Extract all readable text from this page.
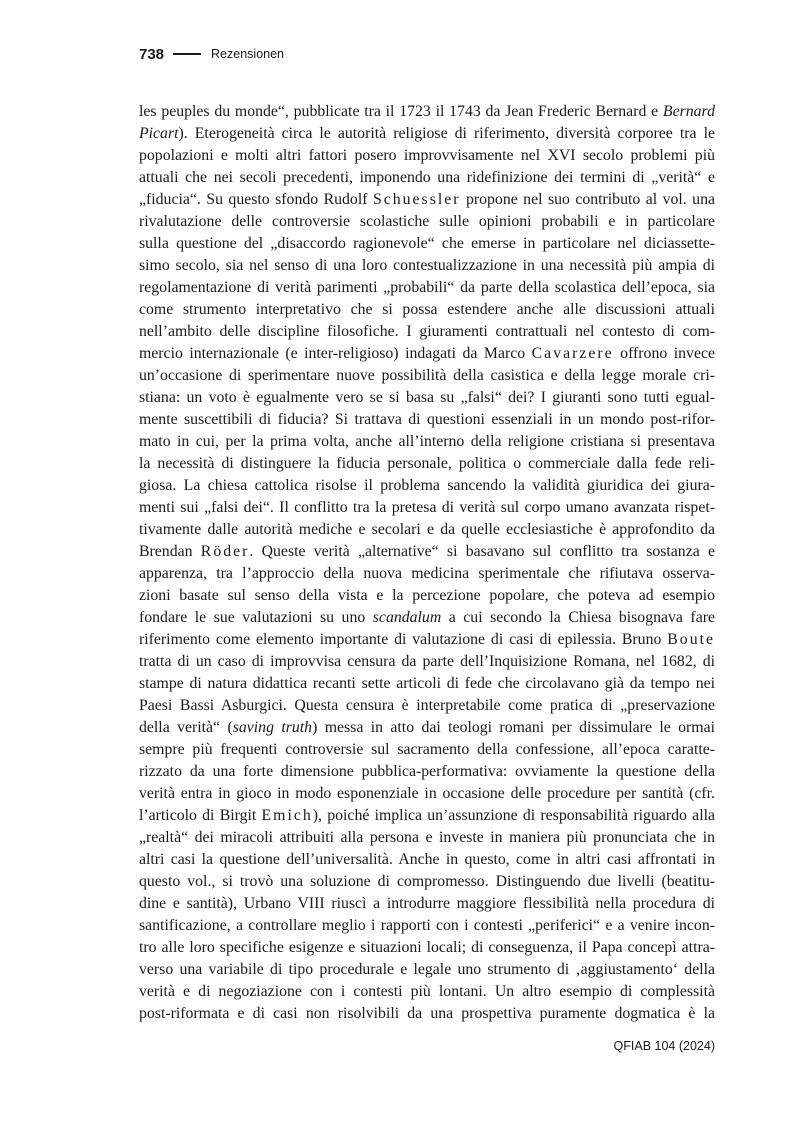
738	Rezensionen
les peuples du monde“, pubblicate tra il 1723 il 1743 da Jean Frederic Bernard e Bernard
Picart). Eterogeneità circa le autorità religiose di riferimento, diversità corporee tra le
popolazioni e molti altri fattori posero improvvisamente nel XVI secolo problemi più
attuali che nei secoli precedenti, imponendo una ridefinizione dei termini di „verità“ e
„fiducia“. Su questo sfondo Rudolf Schuessler propone nel suo contributo al vol. una
rivalutazione delle controversie scolastiche sulle opinioni probabili e in particolare
sulla questione del „disaccordo ragionevole“ che emerse in particolare nel diciassette-
simo secolo, sia nel senso di una loro contestualizzazione in una necessità più ampia di
regolamentazione di verità parimenti „probabili“ da parte della scolastica dell’epoca, sia
come strumento interpretativo che si possa estendere anche alle discussioni attuali
nell’ambito delle discipline filosofiche. I giuramenti contrattuali nel contesto di com-
mercio internazionale (e inter-religioso) indagati da Marco Cavarzere offrono invece
un’occasione di sperimentare nuove possibilità della casistica e della legge morale cri-
stiana: un voto è egualmente vero se si basa su „falsi“ dei? I giuranti sono tutti egual-
mente suscettibili di fiducia? Si trattava di questioni essenziali in un mondo post-rifor-
mato in cui, per la prima volta, anche all’interno della religione cristiana si presentava
la necessità di distinguere la fiducia personale, politica o commerciale dalla fede reli-
giosa. La chiesa cattolica risolse il problema sancendo la validità giuridica dei giura-
menti sui „falsi dei“. Il conflitto tra la pretesa di verità sul corpo umano avanzata rispet-
tivamente dalle autorità mediche e secolari e da quelle ecclesiastiche è approfondito da
Brendan Röder. Queste verità „alternative“ si basavano sul conflitto tra sostanza e
apparenza, tra l’approccio della nuova medicina sperimentale che rifiutava osserva-
zioni basate sul senso della vista e la percezione popolare, che poteva ad esempio
fondare le sue valutazioni su uno scandalum a cui secondo la Chiesa bisognava fare
riferimento come elemento importante di valutazione di casi di epilessia. Bruno Boute
tratta di un caso di improvvisa censura da parte dell’Inquisizione Romana, nel 1682, di
stampe di natura didattica recanti sette articoli di fede che circolavano già da tempo nei
Paesi Bassi Asburgici. Questa censura è interpretabile come pratica di „preservazione
della verità“ (saving truth) messa in atto dai teologi romani per dissimulare le ormai
sempre più frequenti controversie sul sacramento della confessione, all’epoca caratte-
rizzato da una forte dimensione pubblica-performativa: ovviamente la questione della
verità entra in gioco in modo esponenziale in occasione delle procedure per santità (cfr.
l’articolo di Birgit Emich), poiché implica un’assunzione di responsabilità riguardo alla
„realtà“ dei miracoli attribuiti alla persona e investe in maniera più pronunciata che in
altri casi la questione dell’universalità. Anche in questo, come in altri casi affrontati in
questo vol., si trovò una soluzione di compromesso. Distinguendo due livelli (beatitu-
dine e santità), Urbano VIII riuscì a introdurre maggiore flessibilità nella procedura di
santificazione, a controllare meglio i rapporti con i contesti „periferici“ e a venire incon-
tro alle loro specifiche esigenze e situazioni locali; di conseguenza, il Papa concepì attra-
verso una variabile di tipo procedurale e legale uno strumento di ‚aggiustamento‘ della
verità e di negoziazione con i contesti più lontani. Un altro esempio di complessità
post-riformata e di casi non risolvibili da una prospettiva puramente dogmatica è la
QFIAB 104 (2024)
